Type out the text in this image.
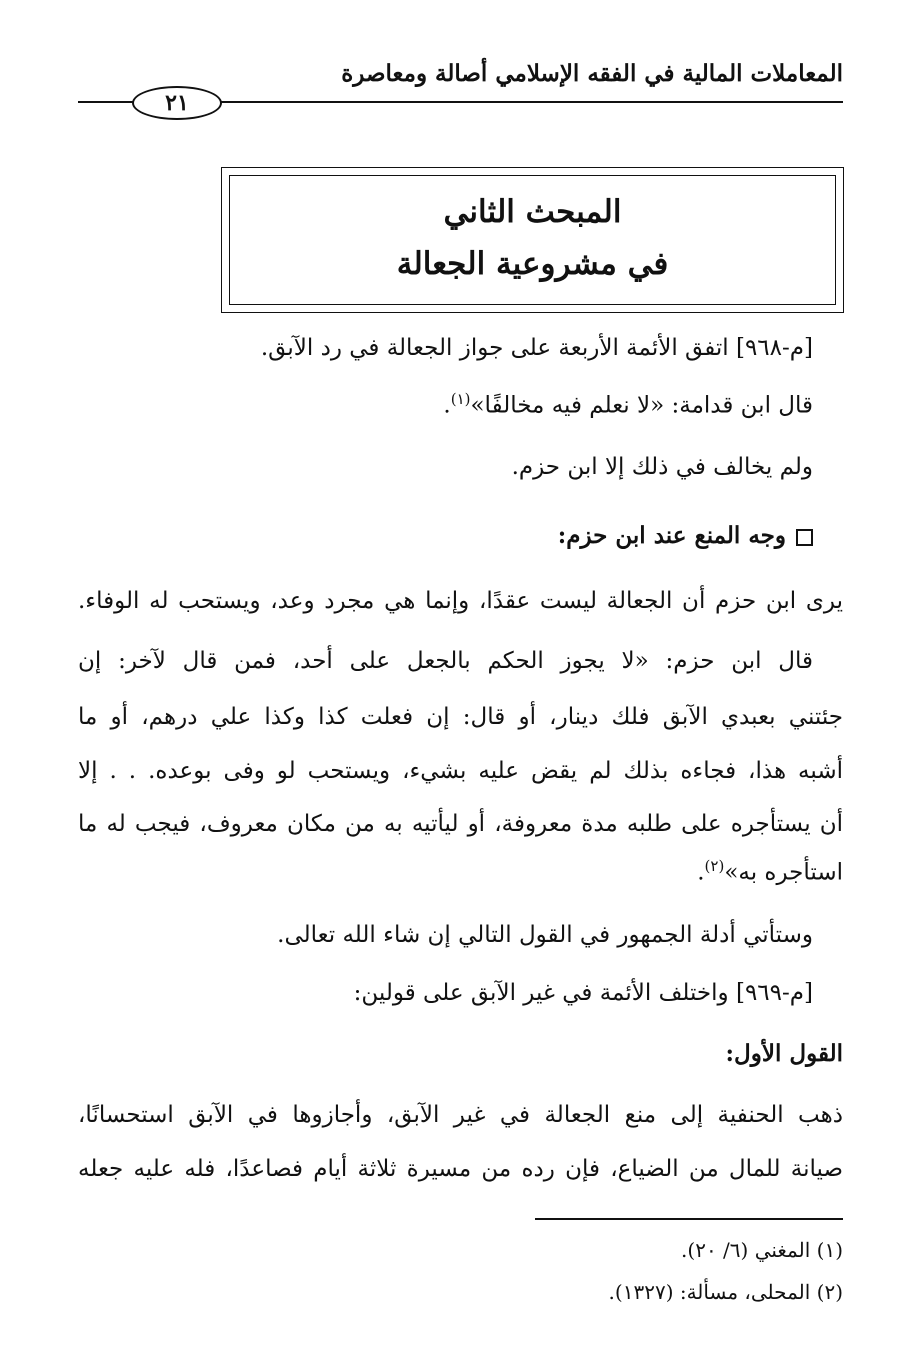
المعاملات المالية في الفقه الإسلامي أصالة ومعاصرة
٢١
المبحث الثاني
في مشروعية الجعالة
[م-٩٦٨] اتفق الأئمة الأربعة على جواز الجعالة في رد الآبق.
قال ابن قدامة: «لا نعلم فيه مخالفًا»$^{(١)}$.
ولم يخالف في ذلك إلا ابن حزم.
وجه المنع عند ابن حزم:
يرى ابن حزم أن الجعالة ليست عقدًا، وإنما هي مجرد وعد، ويستحب له الوفاء.
قال ابن حزم: «لا يجوز الحكم بالجعل على أحد، فمن قال لآخر: إن
جئتني بعبدي الآبق فلك دينار، أو قال: إن فعلت كذا وكذا علي درهم، أو ما
أشبه هذا، فجاءه بذلك لم يقض عليه بشيء، ويستحب لو وفى بوعده. . . إلا
أن يستأجره على طلبه مدة معروفة، أو ليأتيه به من مكان معروف، فيجب له ما
استأجره به»$^{(٢)}$.
وستأتي أدلة الجمهور في القول التالي إن شاء الله تعالى.
[م-٩٦٩] واختلف الأئمة في غير الآبق على قولين:
القول الأول:
ذهب الحنفية إلى منع الجعالة في غير الآبق، وأجازوها في الآبق استحسانًا،
صيانة للمال من الضياع، فإن رده من مسيرة ثلاثة أيام فصاعدًا، فله عليه جعله
(١) المغني (٦/ ٢٠).
(٢) المحلى، مسألة: (١٣٢٧).
